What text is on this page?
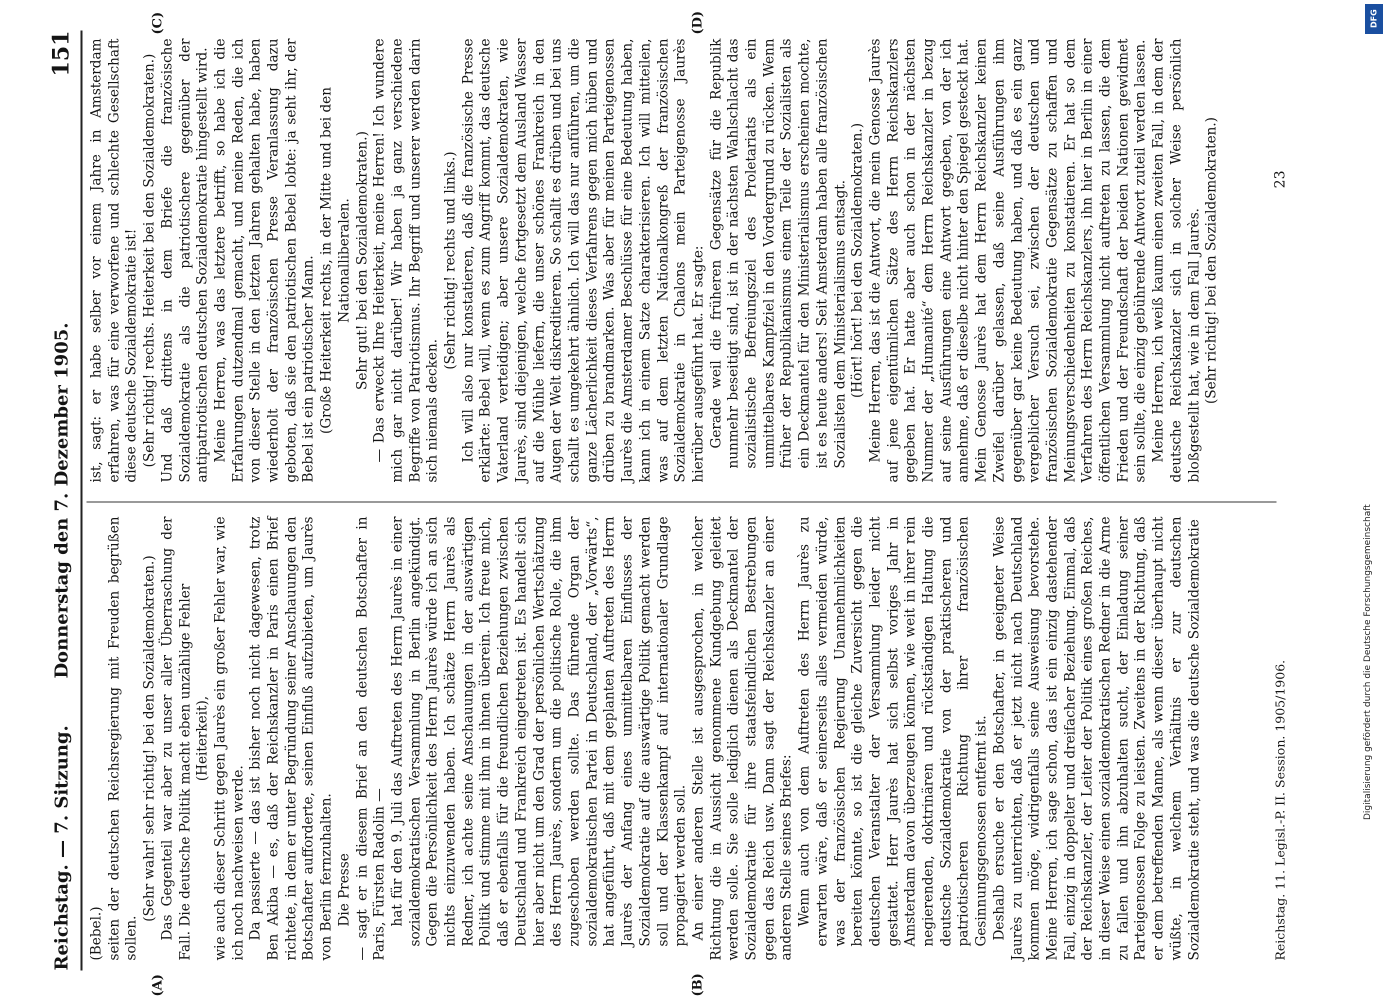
Reichstag. — 7. Sitzung.
Donnerstag den 7. Dezember 1905.
151
(A)	(B)
(C)	(D)

(Bebel.) seiten der deutschen Reichsregierung mit Freuden begrüßen sollen.

(Sehr wahr! sehr richtig! bei den Sozialdemokraten.) Das Gegenteil war aber zu unser aller Überraschung der Fall. Die deutsche Politik macht eben unzählige Fehler (Heiterkeit), wie auch dieser Schritt gegen Jaurès ein großer Fehler war, wie ich noch nachweisen werde. Da passierte — das ist bisher noch nicht dagewesen, trotz Ben Akiba — es, daß der Reichskanzler in Paris einen Brief richtete, in dem er unter Begründung seiner Anschauungen den Botschafter aufforderte, seinen Einfluß aufzubieten, um Jaurès von Berlin fernzuhalten. Die Presse — sagt er in diesem Brief an den deutschen Botschafter in Paris, Fürsten Radolin — hat für den 9. Juli das Auftreten des Herrn Jaurès in einer sozialdemokratischen Versammlung in Berlin angekündigt. Gegen die Persönlichkeit des Herrn Jaurès würde ich an sich nichts einzuwenden haben. Ich schätze Herrn Jaurès als Redner, ich achte seine Anschauungen in der auswärtigen Politik und stimme mit ihm in ihnen überein. Ich freue mich, daß er ebenfalls für die freundlichen Beziehungen zwischen Deutschland und Frankreich eingetreten ist. Es handelt sich hier aber nicht um den Grad der persönlichen Wertschätzung des Herrn Jaurès, sondern um die politische Rolle, die ihm zugeschoben werden sollte. Das führende Organ der sozialdemokratischen Partei in Deutschland, der „Vorwärts“, hat angeführt, daß mit dem geplanten Auftreten des Herrn Jaurès der Anfang eines unmittelbaren Einflusses der Sozialdemokratie auf die auswärtige Politik gemacht werden soll und der Klassenkampf auf internationaler Grundlage propagiert werden soll. An einer anderen Stelle ist ausgesprochen, in welcher Richtung die in Aussicht genommene Kundgebung geleitet werden solle. Sie solle lediglich dienen als Deckmantel der Sozialdemokratie für ihre staatsfeindlichen Bestrebungen gegen das Reich usw. Dann sagt der Reichskanzler an einer anderen Stelle seines Briefes: Wenn auch von dem Auftreten des Herrn Jaurès zu erwarten wäre, daß er seinerseits alles vermeiden würde, was der französischen Regierung Unannehmlichkeiten bereiten könnte, so ist die gleiche Zuversicht gegen die deutschen Veranstalter der Versammlung leider nicht gestattet. Herr Jaurès hat sich selbst voriges Jahr in Amsterdam davon überzeugen können, wie weit in ihrer rein negierenden, doktrinären und rückständigen Haltung die deutsche Sozialdemokratie von der praktischeren und patriotischeren Richtung ihrer französischen Gesinnungsgenossen entfernt ist. Deshalb ersuche er den Botschafter, in geeigneter Weise Jaurès zu unterrichten, daß er jetzt nicht nach Deutschland kommen möge, widrigenfalls seine Ausweisung bevorstehe. Meine Herren, ich sage schon, das ist ein einzig dastehender Fall, einzig in doppelter und dreifacher Beziehung. Einmal, daß der Reichskanzler, der Leiter der Politik eines großen Reiches, in dieser Weise einen sozialdemokratischen Redner in die Arme zu fallen und ihn abzuhalten sucht, der Einladung seiner Parteigenossen Folge zu leisten. Zweitens in der Richtung, daß er dem betreffenden Manne, als wenn dieser überhaupt nicht wüßte, in welchem Verhältnis er zur deutschen Sozialdemokratie steht, und was die deutsche Sozialdemokratie

ist, sagt: er habe selber vor einem Jahre in Amsterdam erfahren, was für eine verworfene und schlechte Gesellschaft diese deutsche Sozialdemokratie ist! (Sehr richtig! rechts. Heiterkeit bei den Sozialdemokraten.) Und daß drittens in dem Briefe die französische Sozialdemokratie als die patriotischere gegenüber der antipatriotischen deutschen Sozialdemokratie hingestellt wird. Meine Herren, was das letztere betrifft, so habe ich die Erfahrungen dutzendmal gemacht, und meine Reden, die ich von dieser Stelle in den letzten Jahren gehalten habe, haben wiederholt der französischen Presse Veranlassung dazu geboten, daß sie den patriotischen Bebel lobte: ja seht ihr, der Bebel ist ein patriotischer Mann. (Große Heiterkeit rechts, in der Mitte und bei den Nationalliberalen. Sehr gut! bei den Sozialdemokraten.) — Das erweckt Ihre Heiterkeit, meine Herren! Ich wundere mich gar nicht darüber! Wir haben ja ganz verschiedene Begriffe von Patriotismus. Ihr Begriff und unserer werden darin sich niemals decken.

(Sehr richtig! rechts und links.) Ich will also nur konstatieren, daß die französische Presse erklärte: Bebel will, wenn es zum Angriff kommt, das deutsche Vaterland verteidigen; aber unsere Sozialdemokraten, wie Jaurès, sind diejenigen, welche fortgesetzt dem Ausland Wasser auf die Mühle liefern, die unser schönes Frankreich in den Augen der Welt diskreditieren. So schallt es drüben und bei uns schallt es umgekehrt ähnlich. Ich will das nur anführen, um die ganze Lächerlichkeit dieses Verfahrens gegen mich hüben und drüben zu brandmarken. Was aber für meinen Parteigenossen Jaurès die Amsterdamer Beschlüsse für eine Bedeutung haben, kann ich in einem Satze charakterisieren. Ich will mitteilen, was auf dem letzten Nationalkongreß der französischen Sozialdemokratie in Chalons mein Parteigenosse Jaurès hierüber ausgeführt hat. Er sagte: Gerade weil die früheren Gegensätze für die Republik nunmehr beseitigt sind, ist in der nächsten Wahlschlacht das sozialistische Befreiungsziel des Proletariats als ein unmittelbares Kampfziel in den Vordergrund zu rücken. Wenn früher der Republikanismus einem Teile der Sozialisten als ein Deckmantel für den Ministerialismus erscheinen mochte, ist es heute anders! Seit Amsterdam haben alle französischen Sozialisten dem Ministerialismus entsagt. (Hört! hört! bei den Sozialdemokraten.) Meine Herren, das ist die Antwort, die mein Genosse Jaurès auf jene eigentümlichen Sätze des Herrn Reichskanzlers gegeben hat. Er hatte aber auch schon in der nächsten Nummer der „Humanité“ dem Herrn Reichskanzler in bezug auf seine Ausführungen eine Antwort gegeben, von der ich annehme, daß er dieselbe nicht hinter den Spiegel gesteckt hat. Mein Genosse Jaurès hat dem Herrn Reichskanzler keinen Zweifel darüber gelassen, daß seine Ausführungen ihm gegenüber gar keine Bedeutung haben, und daß es ein ganz vergeblicher Versuch sei, zwischen der deutschen und französischen Sozialdemokratie Gegensätze zu schaffen und Meinungsverschiedenheiten zu konstatieren. Er hat so dem Verfahren des Herrn Reichskanzlers, ihn hier in Berlin in einer öffentlichen Versammlung nicht auftreten zu lassen, die dem Frieden und der Freundschaft der beiden Nationen gewidmet sein sollte, die einzig gebührende Antwort zuteil werden lassen. Meine Herren, ich weiß kaum einen zweiten Fall, in dem der deutsche Reichskanzler sich in solcher Weise persönlich bloßgestellt hat, wie in dem Fall Jaurès. (Sehr richtig! bei den Sozialdemokraten.)

Reichstag. 11. Legisl.-P. II. Session. 1905/1906.
23
DFG
Digitalisierung gefördert durch die Deutsche Forschungsgemeinschaft
